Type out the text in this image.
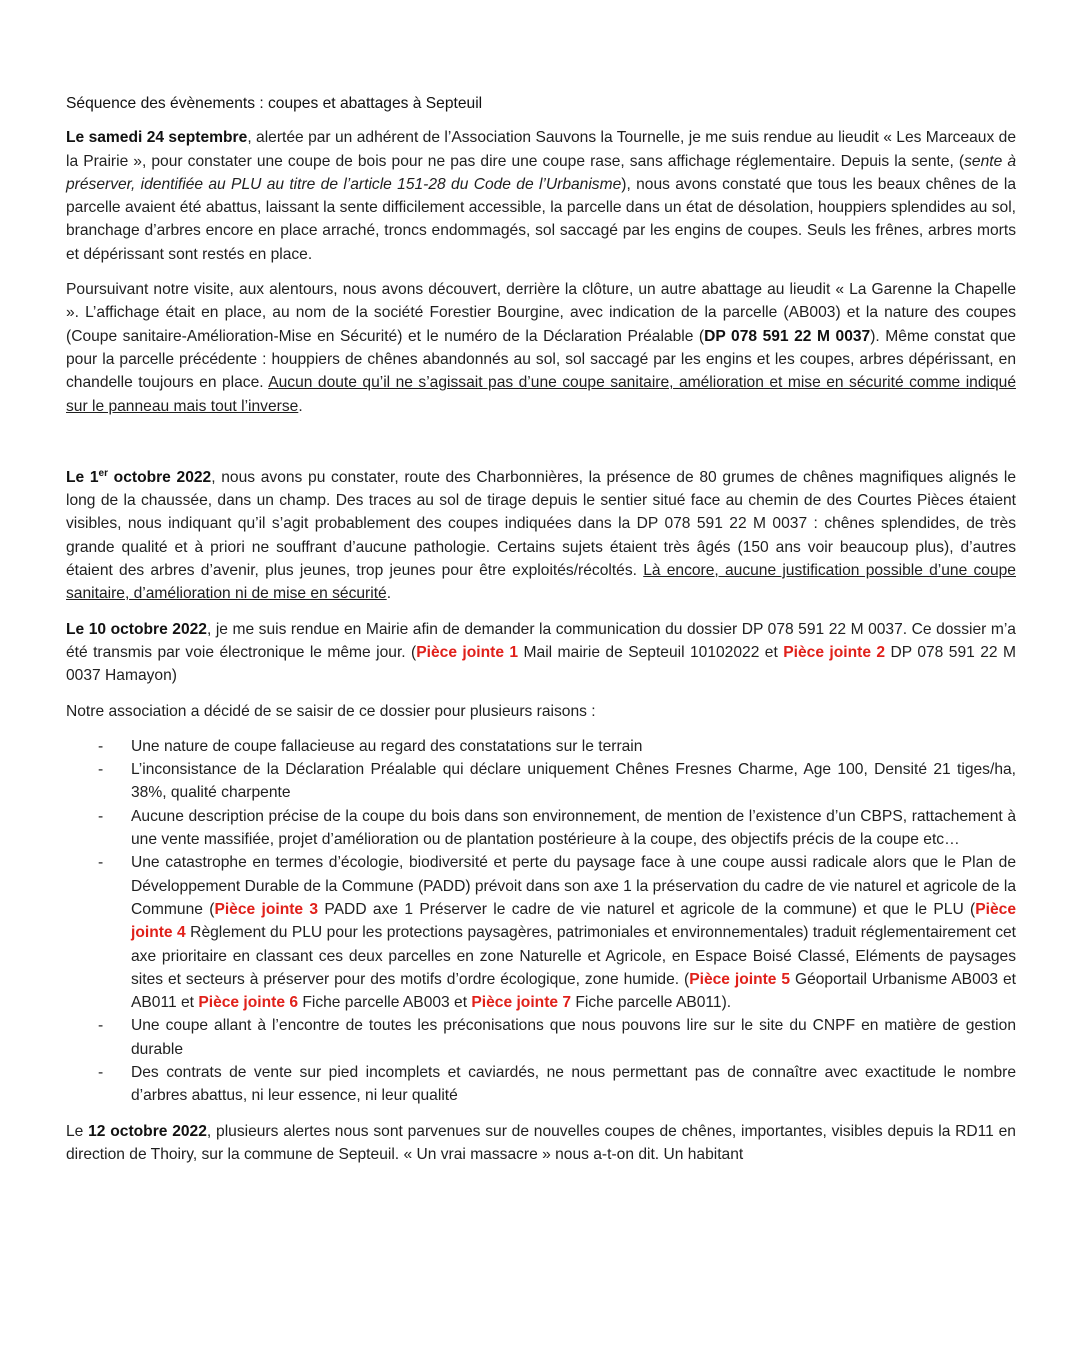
Séquence des évènements : coupes et abattages à Septeuil

Le samedi 24 septembre, alertée par un adhérent de l’Association Sauvons la Tournelle, je me suis rendue au lieudit « Les Marceaux de la Prairie », pour constater une coupe de bois pour ne pas dire une coupe rase, sans affichage réglementaire. Depuis la sente, (sente à préserver, identifiée au PLU au titre de l’article 151-28 du Code de l’Urbanisme), nous avons constaté que tous les beaux chênes de la parcelle avaient été abattus, laissant la sente difficilement accessible, la parcelle dans un état de désolation, houppiers splendides au sol, branchage d’arbres encore en place arraché, troncs endommagés, sol saccagé par les engins de coupes. Seuls les frênes, arbres morts et dépérissant sont restés en place.

Poursuivant notre visite, aux alentours, nous avons découvert, derrière la clôture, un autre abattage au lieudit « La Garenne la Chapelle ». L’affichage était en place, au nom de la société Forestier Bourgine, avec indication de la parcelle (AB003) et la nature des coupes (Coupe sanitaire-Amélioration-Mise en Sécurité) et le numéro de la Déclaration Préalable (DP 078 591 22 M 0037). Même constat que pour la parcelle précédente : houppiers de chênes abandonnés au sol, sol saccagé par les engins et les coupes, arbres dépérissant, en chandelle toujours en place. Aucun doute qu’il ne s’agissait pas d’une coupe sanitaire, amélioration et mise en sécurité comme indiqué sur le panneau mais tout l’inverse.

Le 1er octobre 2022, nous avons pu constater, route des Charbonnières, la présence de 80 grumes de chênes magnifiques alignés le long de la chaussée, dans un champ. Des traces au sol de tirage depuis le sentier situé face au chemin de des Courtes Pièces étaient visibles, nous indiquant qu’il s’agit probablement des coupes indiquées dans la DP 078 591 22 M 0037 : chênes splendides, de très grande qualité et à priori ne souffrant d’aucune pathologie. Certains sujets étaient très âgés (150 ans voir beaucoup plus), d’autres étaient des arbres d’avenir, plus jeunes, trop jeunes pour être exploités/récoltés. Là encore, aucune justification possible d’une coupe sanitaire, d’amélioration ni de mise en sécurité.

Le 10 octobre 2022, je me suis rendue en Mairie afin de demander la communication du dossier DP 078 591 22 M 0037. Ce dossier m’a été transmis par voie électronique le même jour. (Pièce jointe 1 Mail mairie de Septeuil 10102022 et Pièce jointe 2 DP 078 591 22 M 0037 Hamayon)

Notre association a décidé de se saisir de ce dossier pour plusieurs raisons :

- Une nature de coupe fallacieuse au regard des constatations sur le terrain
- L’inconsistance de la Déclaration Préalable qui déclare uniquement Chênes Fresnes Charme, Age 100, Densité 21 tiges/ha, 38%, qualité charpente
- Aucune description précise de la coupe du bois dans son environnement, de mention de l’existence d’un CBPS, rattachement à une vente massifiée, projet d’amélioration ou de plantation postérieure à la coupe, des objectifs précis de la coupe etc…
- Une catastrophe en termes d’écologie, biodiversité et perte du paysage face à une coupe aussi radicale alors que le Plan de Développement Durable de la Commune (PADD) prévoit dans son axe 1 la préservation du cadre de vie naturel et agricole de la Commune (Pièce jointe 3 PADD axe 1 Préserver le cadre de vie naturel et agricole de la commune) et que le PLU (Pièce jointe 4 Règlement du PLU pour les protections paysagères, patrimoniales et environnementales) traduit réglementairement cet axe prioritaire en classant ces deux parcelles en zone Naturelle et Agricole, en Espace Boisé Classé, Eléments de paysages sites et secteurs à préserver pour des motifs d’ordre écologique, zone humide. (Pièce jointe 5 Géoportail Urbanisme AB003 et AB011 et Pièce jointe 6 Fiche parcelle AB003 et Pièce jointe 7 Fiche parcelle AB011).
- Une coupe allant à l’encontre de toutes les préconisations que nous pouvons lire sur le site du CNPF en matière de gestion durable
- Des contrats de vente sur pied incomplets et caviardés, ne nous permettant pas de connaître avec exactitude le nombre d’arbres abattus, ni leur essence, ni leur qualité

Le 12 octobre 2022, plusieurs alertes nous sont parvenues sur de nouvelles coupes de chênes, importantes, visibles depuis la RD11 en direction de Thoiry, sur la commune de Septeuil. « Un vrai massacre » nous a-t-on dit. Un habitant
